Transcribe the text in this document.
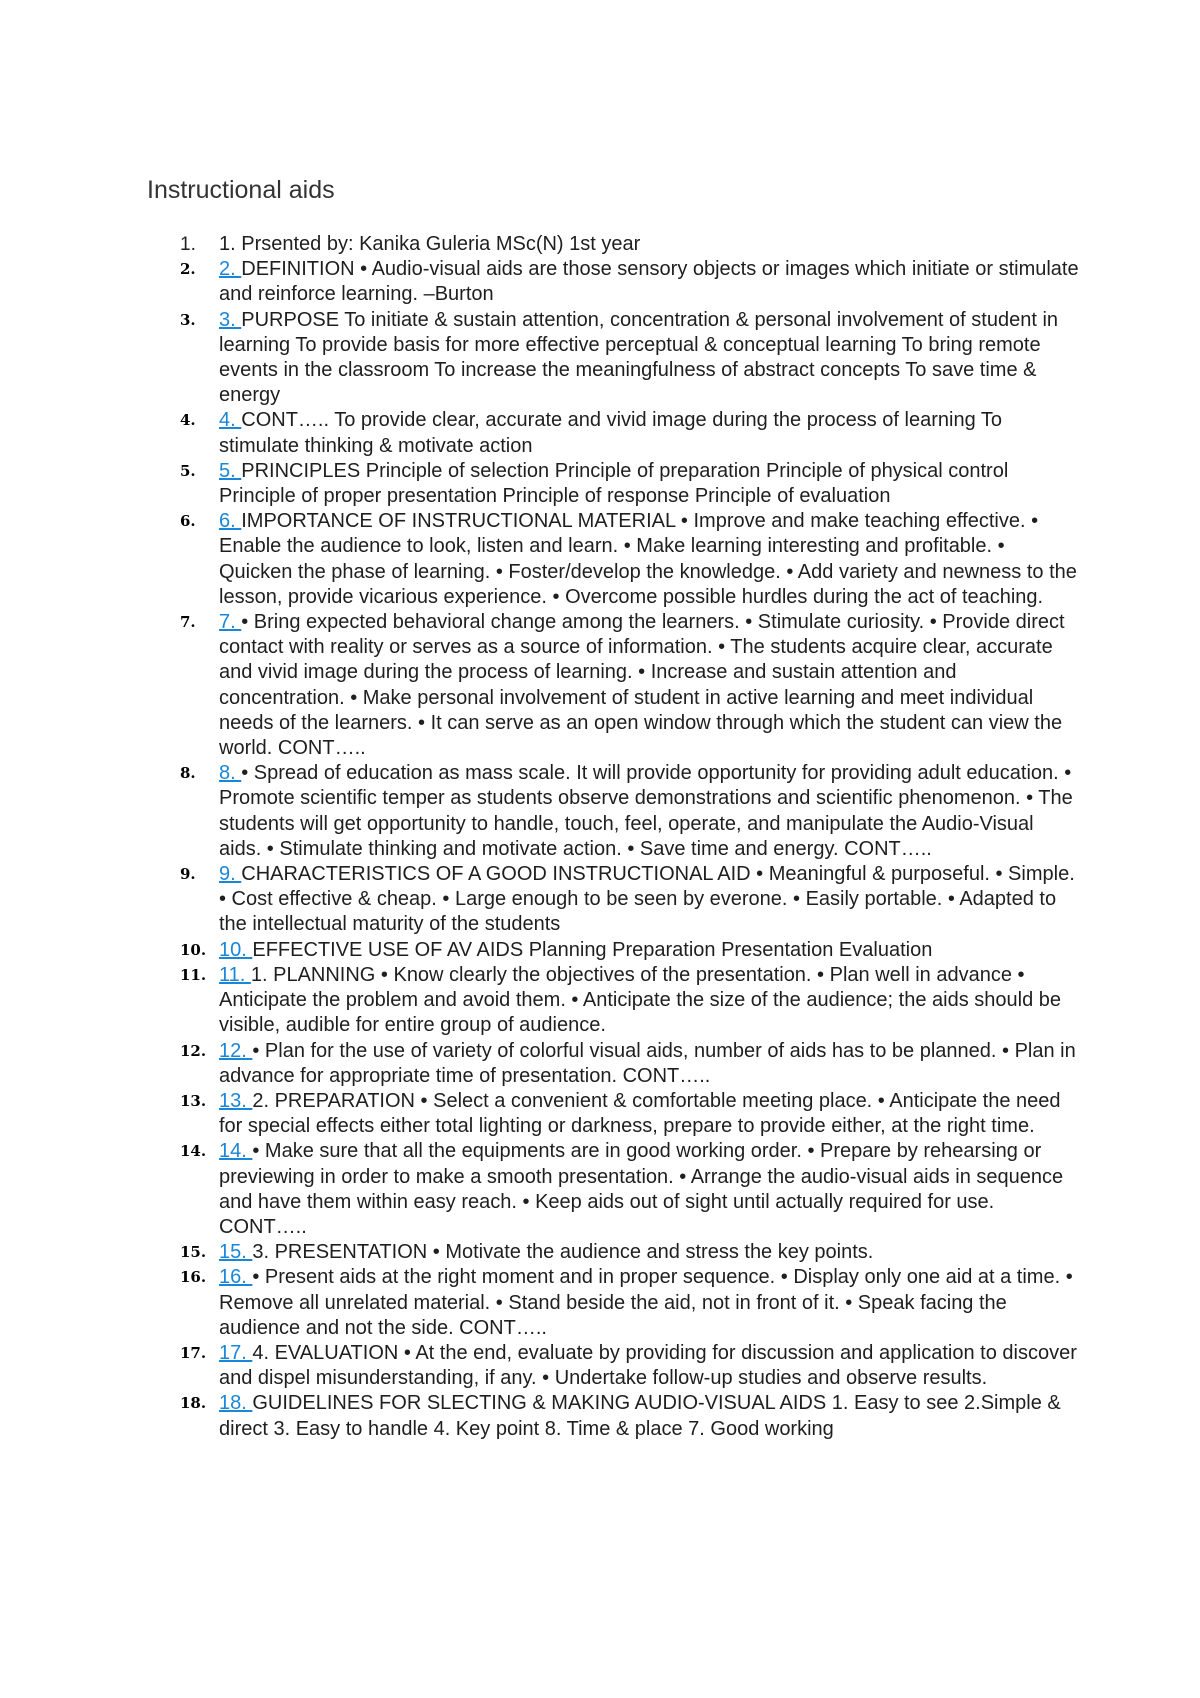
Instructional aids
1.	1. Prsented by: Kanika Guleria MSc(N) 1st year
2.	2. DEFINITION • Audio-visual aids are those sensory objects or images which initiate or stimulate and reinforce learning. –Burton
3.	3. PURPOSE To initiate & sustain attention, concentration & personal involvement of student in learning To provide basis for more effective perceptual & conceptual learning To bring remote events in the classroom To increase the meaningfulness of abstract concepts To save time & energy
4.	4. CONT….. To provide clear, accurate and vivid image during the process of learning To stimulate thinking & motivate action
5.	5. PRINCIPLES Principle of selection Principle of preparation Principle of physical control Principle of proper presentation Principle of response Principle of evaluation
6.	6. IMPORTANCE OF INSTRUCTIONAL MATERIAL • Improve and make teaching effective. • Enable the audience to look, listen and learn. • Make learning interesting and profitable. • Quicken the phase of learning. • Foster/develop the knowledge. • Add variety and newness to the lesson, provide vicarious experience. • Overcome possible hurdles during the act of teaching.
7.	7. • Bring expected behavioral change among the learners. • Stimulate curiosity. • Provide direct contact with reality or serves as a source of information. • The students acquire clear, accurate and vivid image during the process of learning. • Increase and sustain attention and concentration. • Make personal involvement of student in active learning and meet individual needs of the learners. • It can serve as an open window through which the student can view the world. CONT…..
8.	8. • Spread of education as mass scale. It will provide opportunity for providing adult education. • Promote scientific temper as students observe demonstrations and scientific phenomenon. • The students will get opportunity to handle, touch, feel, operate, and manipulate the Audio-Visual aids. • Stimulate thinking and motivate action. • Save time and energy. CONT…..
9.	9. CHARACTERISTICS OF A GOOD INSTRUCTIONAL AID • Meaningful & purposeful. • Simple. • Cost effective & cheap. • Large enough to be seen by everone. • Easily portable. • Adapted to the intellectual maturity of the students
10. 10. EFFECTIVE USE OF AV AIDS Planning Preparation Presentation Evaluation
11. 11. 1. PLANNING • Know clearly the objectives of the presentation. • Plan well in advance • Anticipate the problem and avoid them. • Anticipate the size of the audience; the aids should be visible, audible for entire group of audience.
12. 12. • Plan for the use of variety of colorful visual aids, number of aids has to be planned. • Plan in advance for appropriate time of presentation. CONT…..
13. 13. 2. PREPARATION • Select a convenient & comfortable meeting place. • Anticipate the need for special effects either total lighting or darkness, prepare to provide either, at the right time.
14. 14. • Make sure that all the equipments are in good working order. • Prepare by rehearsing or previewing in order to make a smooth presentation. • Arrange the audio-visual aids in sequence and have them within easy reach. • Keep aids out of sight until actually required for use. CONT…..
15. 15. 3. PRESENTATION • Motivate the audience and stress the key points.
16. 16. • Present aids at the right moment and in proper sequence. • Display only one aid at a time. • Remove all unrelated material. • Stand beside the aid, not in front of it. • Speak facing the audience and not the side. CONT…..
17. 17. 4. EVALUATION • At the end, evaluate by providing for discussion and application to discover and dispel misunderstanding, if any. • Undertake follow-up studies and observe results.
18. 18. GUIDELINES FOR SLECTING & MAKING AUDIO-VISUAL AIDS 1. Easy to see 2.Simple & direct 3. Easy to handle 4. Key point 8. Time & place 7. Good working
